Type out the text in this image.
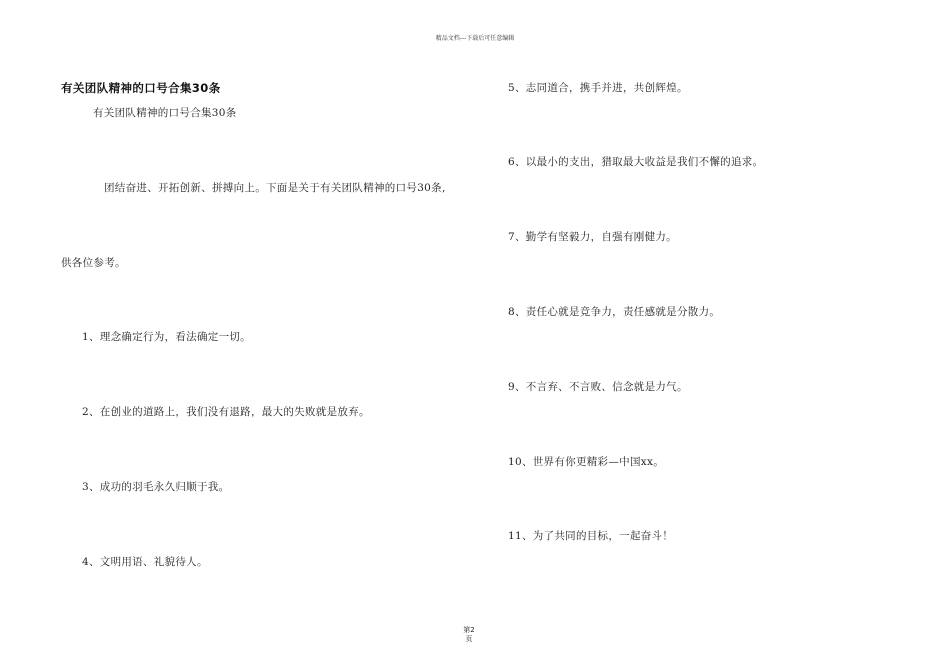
精品文档---下载后可任意编辑
有关团队精神的口号合集30条
有关团队精神的口号合集30条
团结奋进、开拓创新、拼搏向上。下面是关于有关团队精神的口号30条,
供各位参考。
1、理念确定行为，看法确定一切。
2、在创业的道路上，我们没有退路，最大的失败就是放弃。
3、成功的羽毛永久归顺于我。
4、文明用语、礼貌待人。
5、志同道合，携手并进，共创辉煌。
6、以最小的支出，猎取最大收益是我们不懈的追求。
7、勤学有坚毅力，自强有刚健力。
8、责任心就是竞争力，责任感就是分散力。
9、不言弃、不言败、信念就是力气。
10、世界有你更精彩—中国xx。
11、为了共同的目标，一起奋斗！
第2
页
